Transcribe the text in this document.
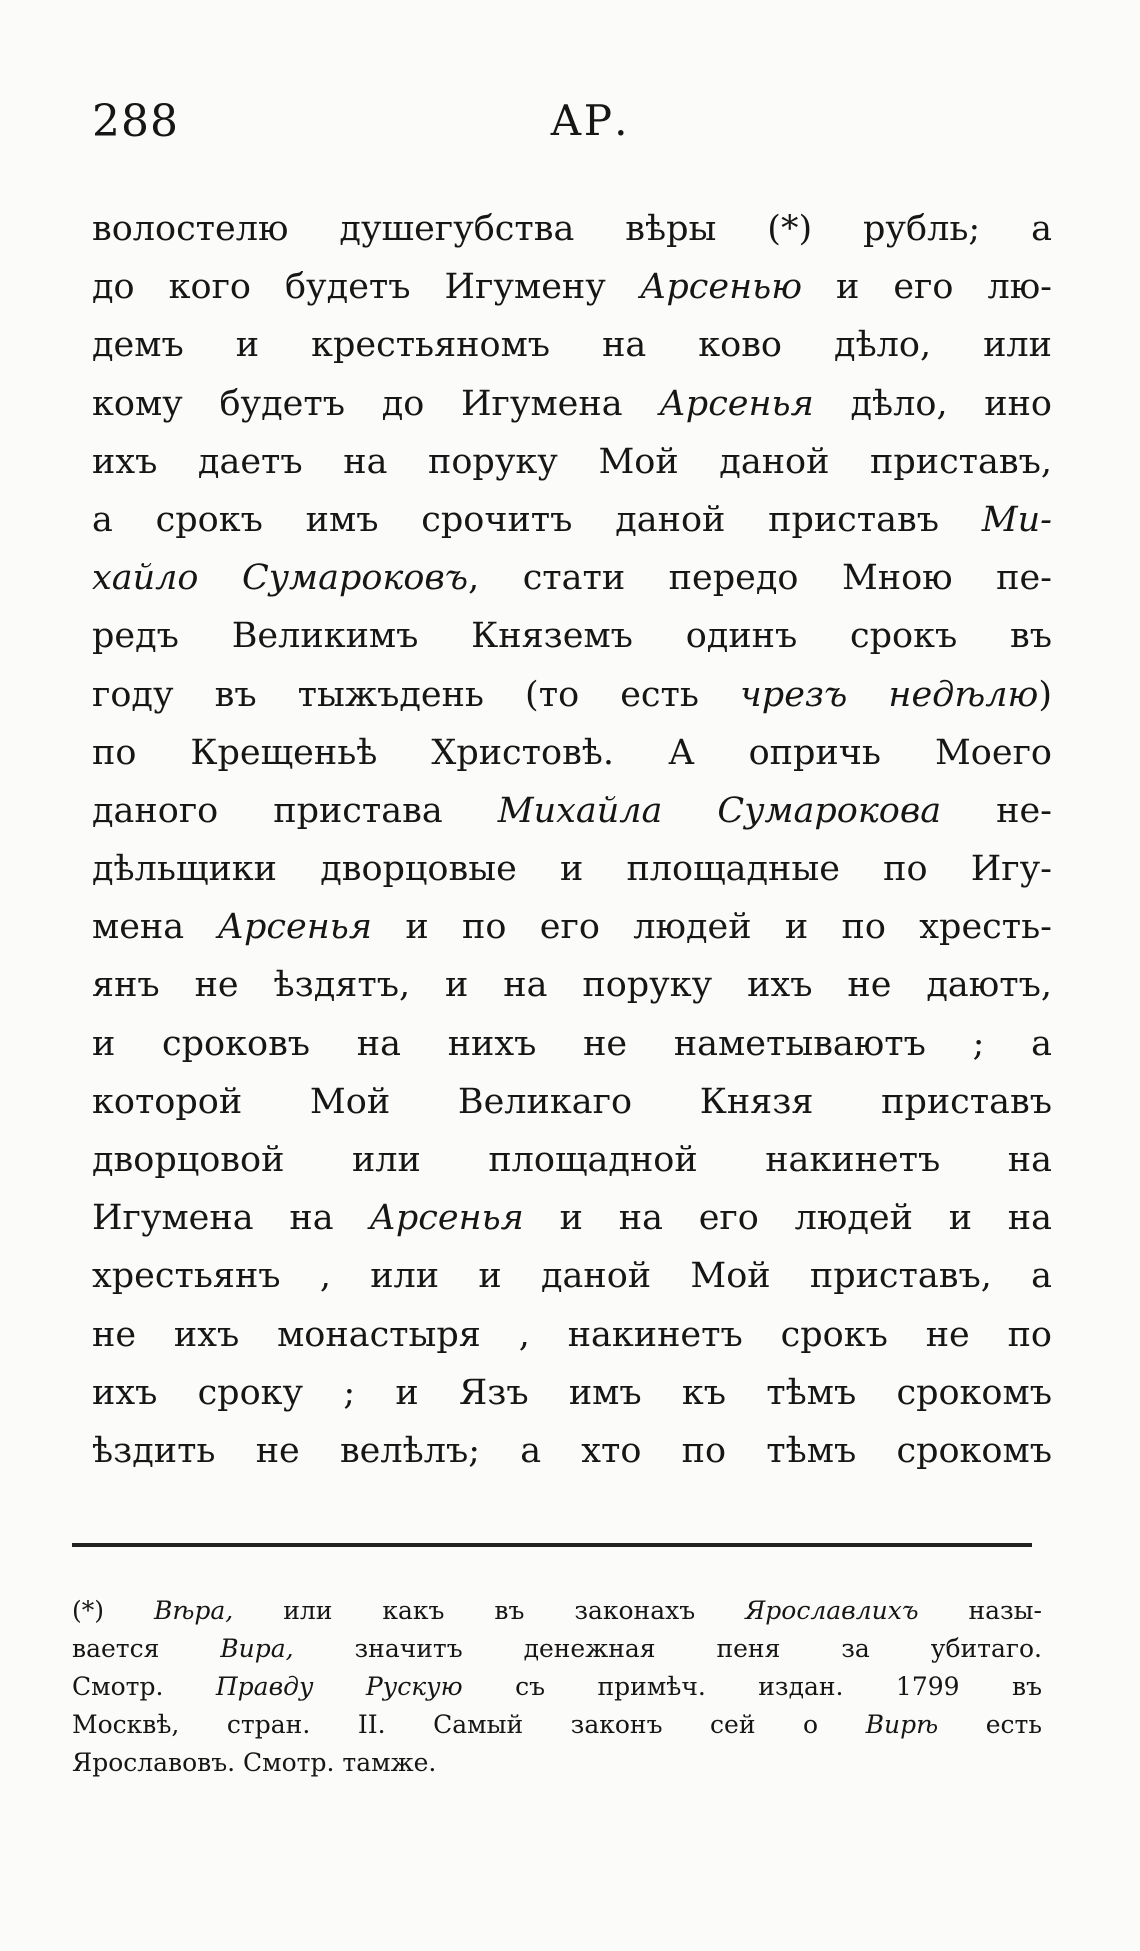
288	АР.
волостелю душегубства вѣры (*) рубль; а
до кого будетъ Игумену Арсенью и его лю-
демъ и крестьяномъ на ково дѣло, или
кому будетъ до Игумена Арсенья дѣло, ино
ихъ даетъ на поруку Мой даной приставъ,
а срокъ имъ срочитъ даной приставъ Ми-
хайло Сумароковъ, стати передо Мною пе-
редъ Великимъ Княземъ одинъ срокъ въ
году въ тыжъдень (то есть чрезъ недѣлю)
по Крещеньѣ Христовѣ. А опричь Моего
даного пристава Михайла Сумарокова не-
дѣльщики дворцовые и площадные по Игу-
мена Арсенья и по его людей и по хресть-
янъ не ѣздятъ, и на поруку ихъ не даютъ,
и сроковъ на нихъ не наметываютъ ; а
которой Мой Великаго Князя приставъ
дворцовой или площадной накинетъ на
Игумена на Арсенья и на его людей и на
хрестьянъ , или и даной Мой приставъ, а
не ихъ монастыря , накинетъ срокъ не по
ихъ сроку ; и Язъ имъ къ тѣмъ срокомъ
ѣздить не велѣлъ; а хто по тѣмъ срокомъ
(*) Вѣра, или какъ въ законахъ Ярославлихъ назы-
вается Вира, значитъ денежная пеня за убитаго.
Смотр. Правду Рускую съ примѣч. издан. 1799 въ
Москвѣ, стран. II. Самый законъ сей о Вирѣ есть
Ярославовъ. Смотр. тамже.
